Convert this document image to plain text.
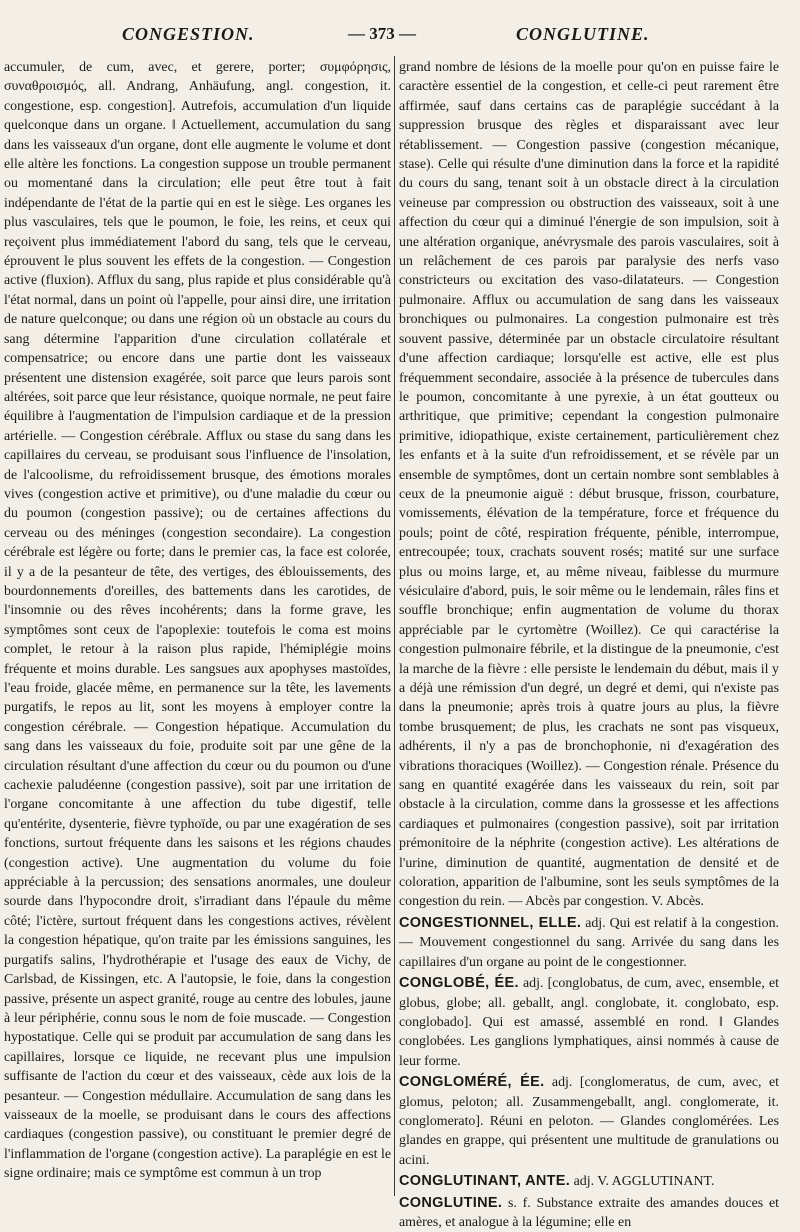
CONGESTION.	— 373 —	CONGLUTINE.

accumuler, de cum, avec, et gerere, porter; συμφόρησις, συναθροισμός, all. Andrang, Anhäufung, angl. congestion, it. congestione, esp. congestion]. Autrefois, accumulation d'un liquide quelconque dans un organe. ‖ Actuellement, accumulation du sang dans les vaisseaux d'un organe, dont elle augmente le volume et dont elle altère les fonctions. La congestion suppose un trouble permanent ou momentané dans la circulation; elle peut être tout à fait indépendante de l'état de la partie qui en est le siège. Les organes les plus vasculaires, tels que le poumon, le foie, les reins, et ceux qui reçoivent plus immédiatement l'abord du sang, tels que le cerveau, éprouvent le plus souvent les effets de la congestion. — Congestion active (fluxion). Afflux du sang, plus rapide et plus considérable qu'à l'état normal, dans un point où l'appelle, pour ainsi dire, une irritation de nature quelconque; ou dans une région où un obstacle au cours du sang détermine l'apparition d'une circulation collatérale et compensatrice; ou encore dans une partie dont les vaisseaux présentent une distension exagérée, soit parce que leurs parois sont altérées, soit parce que leur résistance, quoique normale, ne peut faire équilibre à l'augmentation de l'impulsion cardiaque et de la pression artérielle. — Congestion cérébrale. Afflux ou stase du sang dans les capillaires du cerveau, se produisant sous l'influence de l'insolation, de l'alcoolisme, du refroidissement brusque, des émotions morales vives (congestion active et primitive), ou d'une maladie du cœur ou du poumon (congestion passive); ou de certaines affections du cerveau ou des méninges (congestion secondaire). La congestion cérébrale est légère ou forte; dans le premier cas, la face est colorée, il y a de la pesanteur de tête, des vertiges, des éblouissements, des bourdonnements d'oreilles, des battements dans les carotides, de l'insomnie ou des rêves incohérents; dans la forme grave, les symptômes sont ceux de l'apoplexie: toutefois le coma est moins complet, le retour à la raison plus rapide, l'hémiplégie moins fréquente et moins durable. Les sangsues aux apophyses mastoïdes, l'eau froide, glacée même, en permanence sur la tête, les lavements purgatifs, le repos au lit, sont les moyens à employer contre la congestion cérébrale. — Congestion hépatique. Accumulation du sang dans les vaisseaux du foie, produite soit par une gêne de la circulation résultant d'une affection du cœur ou du poumon ou d'une cachexie paludéenne (congestion passive), soit par une irritation de l'organe concomitante à une affection du tube digestif, telle qu'entérite, dysenterie, fièvre typhoïde, ou par une exagération de ses fonctions, surtout fréquente dans les saisons et les régions chaudes (congestion active). Une augmentation du volume du foie appréciable à la percussion; des sensations anormales, une douleur sourde dans l'hypocondre droit, s'irradiant dans l'épaule du même côté; l'ictère, surtout fréquent dans les congestions actives, révèlent la congestion hépatique, qu'on traite par les émissions sanguines, les purgatifs salins, l'hydrothérapie et l'usage des eaux de Vichy, de Carlsbad, de Kissingen, etc. A l'autopsie, le foie, dans la congestion passive, présente un aspect granité, rouge au centre des lobules, jaune à leur périphérie, connu sous le nom de foie muscade. — Congestion hypostatique. Celle qui se produit par accumulation de sang dans les capillaires, lorsque ce liquide, ne recevant plus une impulsion suffisante de l'action du cœur et des vaisseaux, cède aux lois de la pesanteur. — Congestion médullaire. Accumulation de sang dans les vaisseaux de la moelle, se produisant dans le cours des affections cardiaques (congestion passive), ou constituant le premier degré de l'inflammation de l'organe (congestion active). La paraplégie en est le signe ordinaire; mais ce symptôme est commun à un trop

grand nombre de lésions de la moelle pour qu'on en puisse faire le caractère essentiel de la congestion, et celle-ci peut rarement être affirmée, sauf dans certains cas de paraplégie succédant à la suppression brusque des règles et disparaissant avec leur rétablissement. — Congestion passive (congestion mécanique, stase). Celle qui résulte d'une diminution dans la force et la rapidité du cours du sang, tenant soit à un obstacle direct à la circulation veineuse par compression ou obstruction des vaisseaux, soit à une affection du cœur qui a diminué l'énergie de son impulsion, soit à une altération organique, anévrysmale des parois vasculaires, soit à un relâchement de ces parois par paralysie des nerfs vaso constricteurs ou excitation des vaso-dilatateurs. — Congestion pulmonaire. Afflux ou accumulation de sang dans les vaisseaux bronchiques ou pulmonaires. La congestion pulmonaire est très souvent passive, déterminée par un obstacle circulatoire résultant d'une affection cardiaque; lorsqu'elle est active, elle est plus fréquemment secondaire, associée à la présence de tubercules dans le poumon, concomitante à une pyrexie, à un état goutteux ou arthritique, que primitive; cependant la congestion pulmonaire primitive, idiopathique, existe certainement, particulièrement chez les enfants et à la suite d'un refroidissement, et se révèle par un ensemble de symptômes, dont un certain nombre sont semblables à ceux de la pneumonie aiguë : début brusque, frisson, courbature, vomissements, élévation de la température, force et fréquence du pouls; point de côté, respiration fréquente, pénible, interrompue, entrecoupée; toux, crachats souvent rosés; matité sur une surface plus ou moins large, et, au même niveau, faiblesse du murmure vésiculaire d'abord, puis, le soir même ou le lendemain, râles fins et souffle bronchique; enfin augmentation de volume du thorax appréciable par le cyrtomètre (Woillez). Ce qui caractérise la congestion pulmonaire fébrile, et la distingue de la pneumonie, c'est la marche de la fièvre : elle persiste le lendemain du début, mais il y a déjà une rémission d'un degré, un degré et demi, qui n'existe pas dans la pneumonie; après trois à quatre jours au plus, la fièvre tombe brusquement; de plus, les crachats ne sont pas visqueux, adhérents, il n'y a pas de bronchophonie, ni d'exagération des vibrations thoraciques (Woillez). — Congestion rénale. Présence du sang en quantité exagérée dans les vaisseaux du rein, soit par obstacle à la circulation, comme dans la grossesse et les affections cardiaques et pulmonaires (congestion passive), soit par irritation prémonitoire de la néphrite (congestion active). Les altérations de l'urine, diminution de quantité, augmentation de densité et de coloration, apparition de l'albumine, sont les seuls symptômes de la congestion du rein. — Abcès par congestion. V. Abcès.

CONGESTIONNEL, ELLE. adj. Qui est relatif à la congestion. — Mouvement congestionnel du sang. Arrivée du sang dans les capillaires d'un organe au point de le congestionner.

CONGLOBÉ, ÉE. adj. [conglobatus, de cum, avec, ensemble, et globus, globe; all. geballt, angl. conglobate, it. conglobato, esp. conglobado]. Qui est amassé, assemblé en rond. ‖ Glandes conglobées. Les ganglions lymphatiques, ainsi nommés à cause de leur forme.

CONGLOMÉRÉ, ÉE. adj. [conglomeratus, de cum, avec, et glomus, peloton; all. Zusammengeballt, angl. conglomerate, it. conglomerato]. Réuni en peloton. — Glandes conglomérées. Les glandes en grappe, qui présentent une multitude de granulations ou acini.

CONGLUTINANT, ANTE. adj. V. AGGLUTINANT.

CONGLUTINE. s. f. Substance extraite des amandes douces et amères, et analogue à la légumine; elle en
